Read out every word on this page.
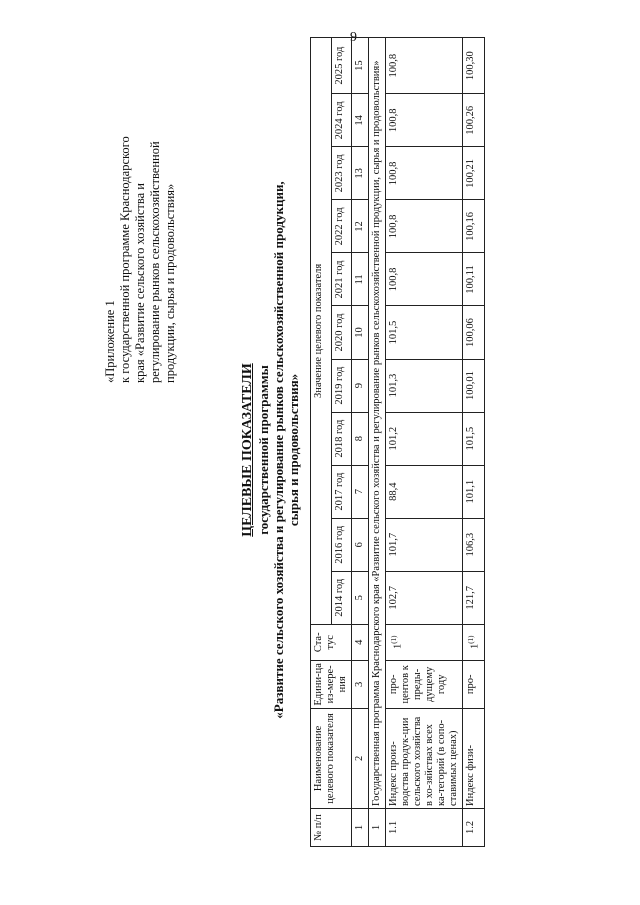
9
«Приложение 1 к государственной программе Краснодарского края «Развитие сельского хозяйства и регулирование рынков сельскохозяйственной продукции, сырья и продовольствия»
ЦЕЛЕВЫЕ ПОКАЗАТЕЛИ государственной программы «Развитие сельского хозяйства и регулирование рынков сельскохозяйственной продукции, сырья и продовольствия»
№ п/п	Наименование целевого показателя	Едини-ца из-мере-ния	Ста-тус	Значение целевого показателя										
				2014 год	2016 год	2017 год	2018 год	2019 год	2020 год	2021 год	2022 год	2023 год	2024 год	2025 год
1	2	3	4	5	6	7	8	9	10	11	12	13	14	15
1	Государственная программа Краснодарского края «Развитие сельского хозяйства и регулирование рынков сельскохозяйственной продукции, сырья и продовольствия»													
1.1	Индекс произ-водства продук-ции сельского хозяйства в хо-зяйствах всех ка-тегорий (в сопо-ставимых ценах)	про-центов к преды-дущему году	1$^{(1)}$	102,7	101,7	88,4	101,2	101,3	101,5	100,8	100,8	100,8	100,8	100,8
1.2	Индекс физи-	про-	1$^{(1)}$	121,7	106,3	101,1	101,5	100,01	100,06	100,11	100,16	100,21	100,26	100,30
